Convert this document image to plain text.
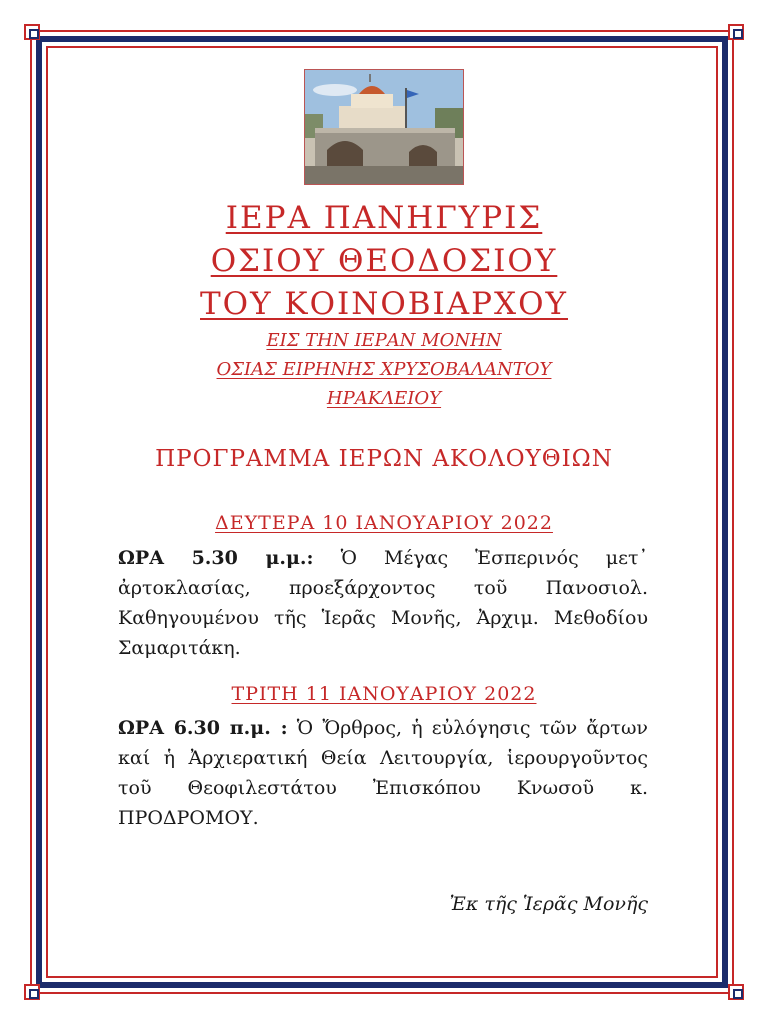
ΙΕΡΑ ΠΑΝΗΓΥΡΙΣ
ΟΣΙΟΥ ΘΕΟΔΟΣΙΟΥ
ΤΟΥ ΚΟΙΝΟΒΙΑΡΧΟΥ
ΕΙΣ ΤΗΝ ΙΕΡΑΝ ΜΟΝΗΝ
ΟΣΙΑΣ ΕΙΡΗΝΗΣ ΧΡΥΣΟΒΑΛΑΝΤΟΥ
ΗΡΑΚΛΕΙΟΥ
ΠΡΟΓΡΑΜΜΑ ΙΕΡΩΝ ΑΚΟΛΟΥΘΙΩΝ
ΔΕΥΤΕΡΑ 10 ΙΑΝΟΥΑΡΙΟΥ 2022
ΩΡΑ 5.30 μ.μ.: Ὁ Μέγας Ἑσπερινός μετ᾽ ἀρτοκλασίας, προεξάρχοντος τοῦ Πανοσιολ. Καθηγουμένου τῆς Ἱερᾶς Μονῆς, Ἀρχιμ. Μεθοδίου Σαμαριτάκη.
ΤΡΙΤΗ 11 ΙΑΝΟΥΑΡΙΟΥ 2022
ΩΡΑ 6.30 π.μ. : Ὁ Ὄρθρος, ἡ εὐλόγησις τῶν ἄρτων καί ἡ Ἀρχιερατική Θεία Λειτουργία, ἱερουργοῦντος τοῦ Θεοφιλεστάτου Ἐπισκόπου Κνωσοῦ κ. ΠΡΟΔΡΟΜΟΥ.
Ἐκ τῆς Ἱερᾶς Μονῆς
